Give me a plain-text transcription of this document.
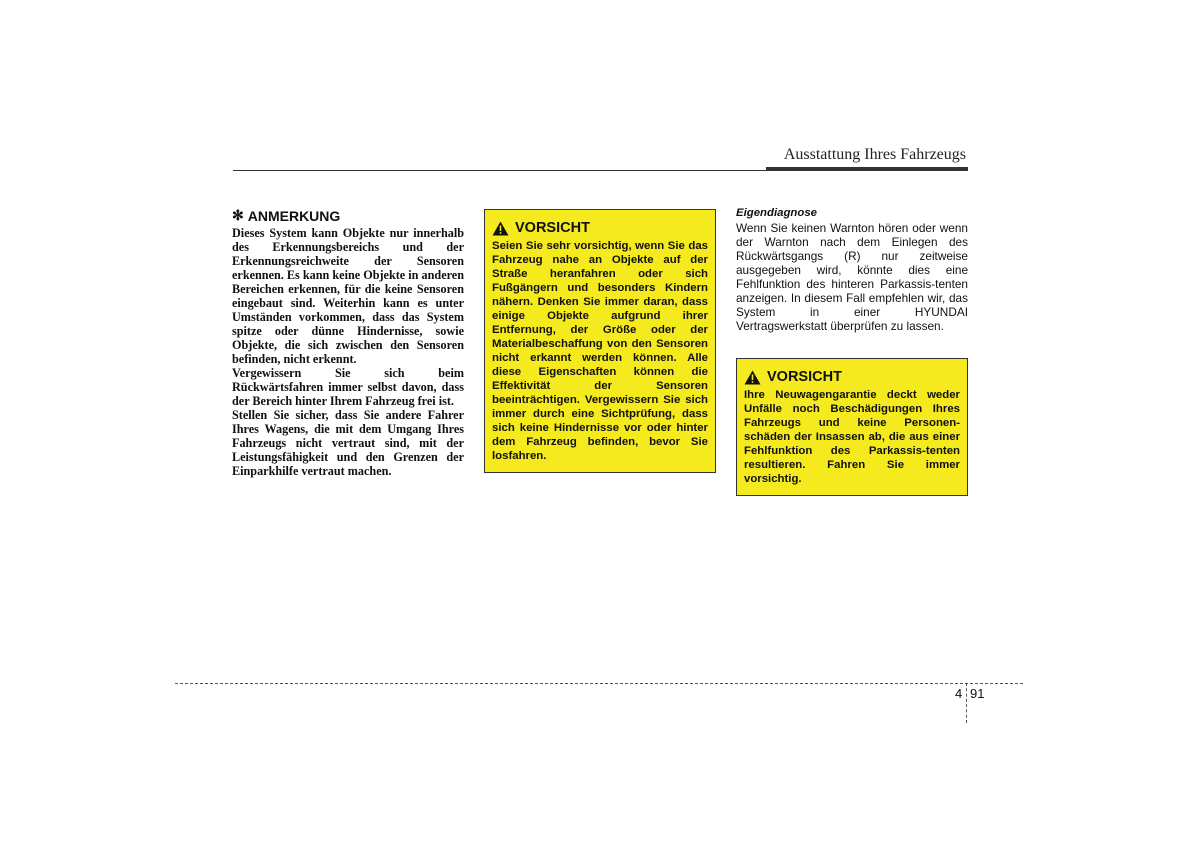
Ausstattung Ihres Fahrzeugs
✻ ANMERKUNG

Dieses System kann Objekte nur innerhalb des Erkennungsbereichs und der Erkennungsreichweite der Sensoren erkennen. Es kann keine Objekte in anderen Bereichen erkennen, für die keine Sensoren eingebaut sind. Weiterhin kann es unter Umständen vorkommen, dass das System spitze oder dünne Hindernisse, sowie Objekte, die sich zwischen den Sensoren befinden, nicht erkennt.

Vergewissern Sie sich beim Rückwärtsfahren immer selbst davon, dass der Bereich hinter Ihrem Fahrzeug frei ist.

Stellen Sie sicher, dass Sie andere Fahrer Ihres Wagens, die mit dem Umgang Ihres Fahrzeugs nicht vertraut sind, mit der Leistungsfähigkeit und den Grenzen der Einparkhilfe vertraut machen.

VORSICHT

Seien Sie sehr vorsichtig, wenn Sie das Fahrzeug nahe an Objekte auf der Straße heranfahren oder sich Fußgängern und besonders Kindern nähern. Denken Sie immer daran, dass einige Objekte aufgrund ihrer Entfernung, der Größe oder der Materialbeschaffung von den Sensoren nicht erkannt werden können. Alle diese Eigenschaften können die Effektivität der Sensoren beeinträchtigen. Vergewissern Sie sich immer durch eine Sichtprüfung, dass sich keine Hindernisse vor oder hinter dem Fahrzeug befinden, bevor Sie losfahren.

Eigendiagnose

Wenn Sie keinen Warnton hören oder wenn der Warnton nach dem Einlegen des Rückwärtsgangs (R) nur zeitweise ausgegeben wird, könnte dies eine Fehlfunktion des hinteren Parkassis-tenten anzeigen. In diesem Fall empfehlen wir, das System in einer HYUNDAI Vertragswerkstatt überprüfen zu lassen.

VORSICHT

Ihre Neuwagengarantie deckt weder Unfälle noch Beschädigungen Ihres Fahrzeugs und keine Personen-schäden der Insassen ab, die aus einer Fehlfunktion des Parkassis-tenten resultieren. Fahren Sie immer vorsichtig.

4 91
